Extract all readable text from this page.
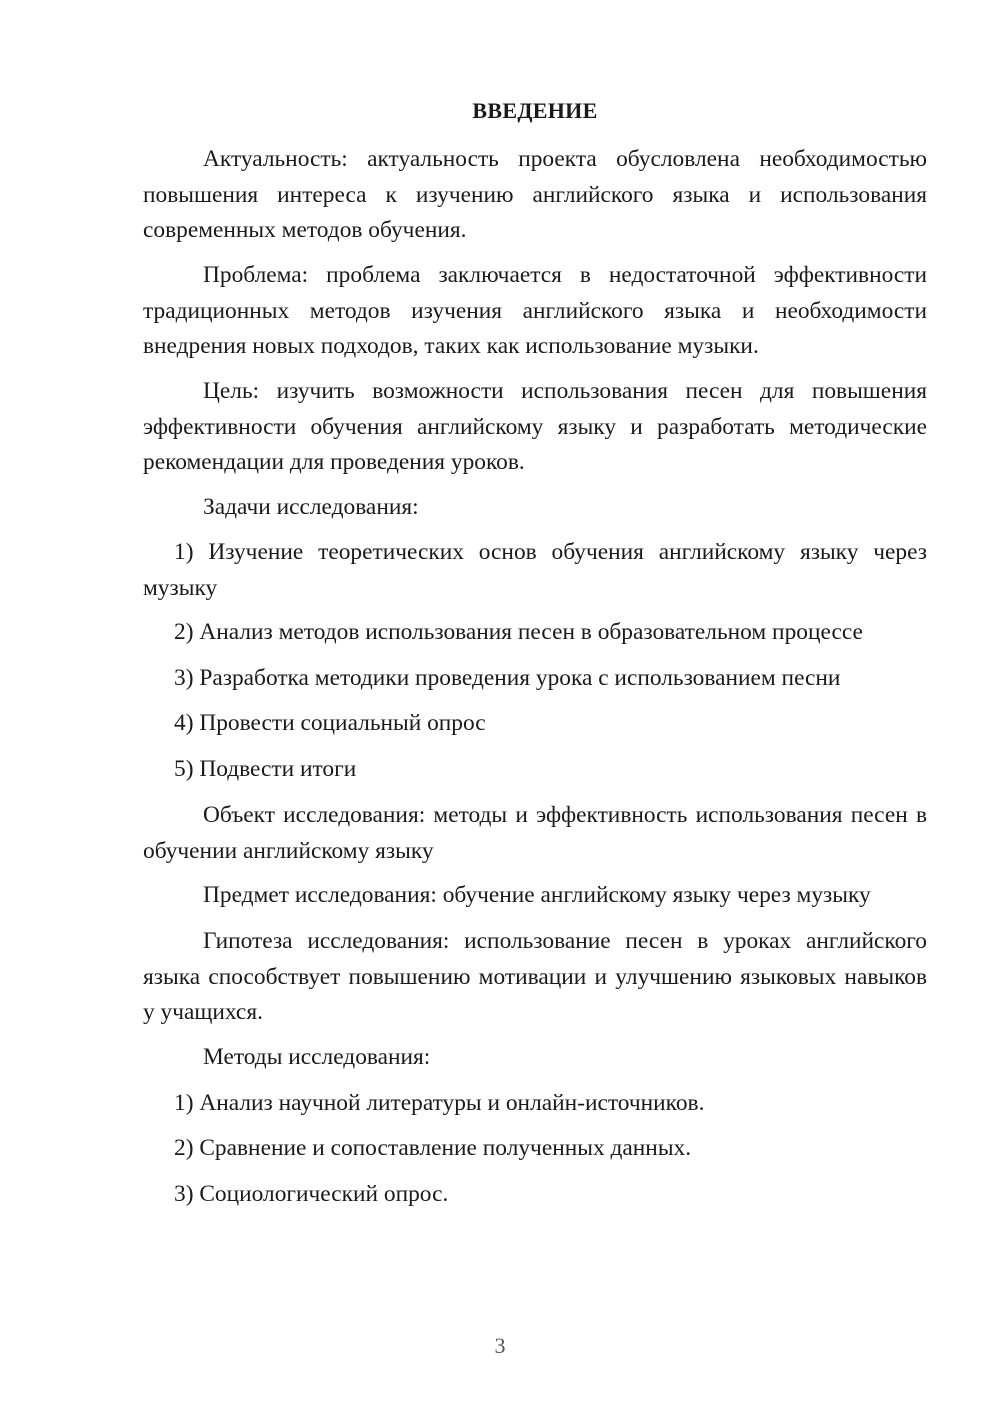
ВВЕДЕНИЕ

Актуальность: актуальность проекта обусловлена необходимостью повышения интереса к изучению английского языка и использования современных методов обучения.

Проблема: проблема заключается в недостаточной эффективности традиционных методов изучения английского языка и необходимости внедрения новых подходов, таких как использование музыки.

Цель: изучить возможности использования песен для повышения эффективности обучения английскому языку и разработать методические рекомендации для проведения уроков.

Задачи исследования:

1) Изучение теоретических основ обучения английскому языку через музыку

2) Анализ методов использования песен в образовательном процессе

3) Разработка методики проведения урока с использованием песни

4) Провести социальный опрос

5) Подвести итоги

Объект исследования: методы и эффективность использования песен в обучении английскому языку

Предмет исследования: обучение английскому языку через музыку

Гипотеза исследования: использование песен в уроках английского языка способствует повышению мотивации и улучшению языковых навыков у учащихся.

Методы исследования:

1) Анализ научной литературы и онлайн-источников.

2) Сравнение и сопоставление полученных данных.

3) Социологический опрос.

3
